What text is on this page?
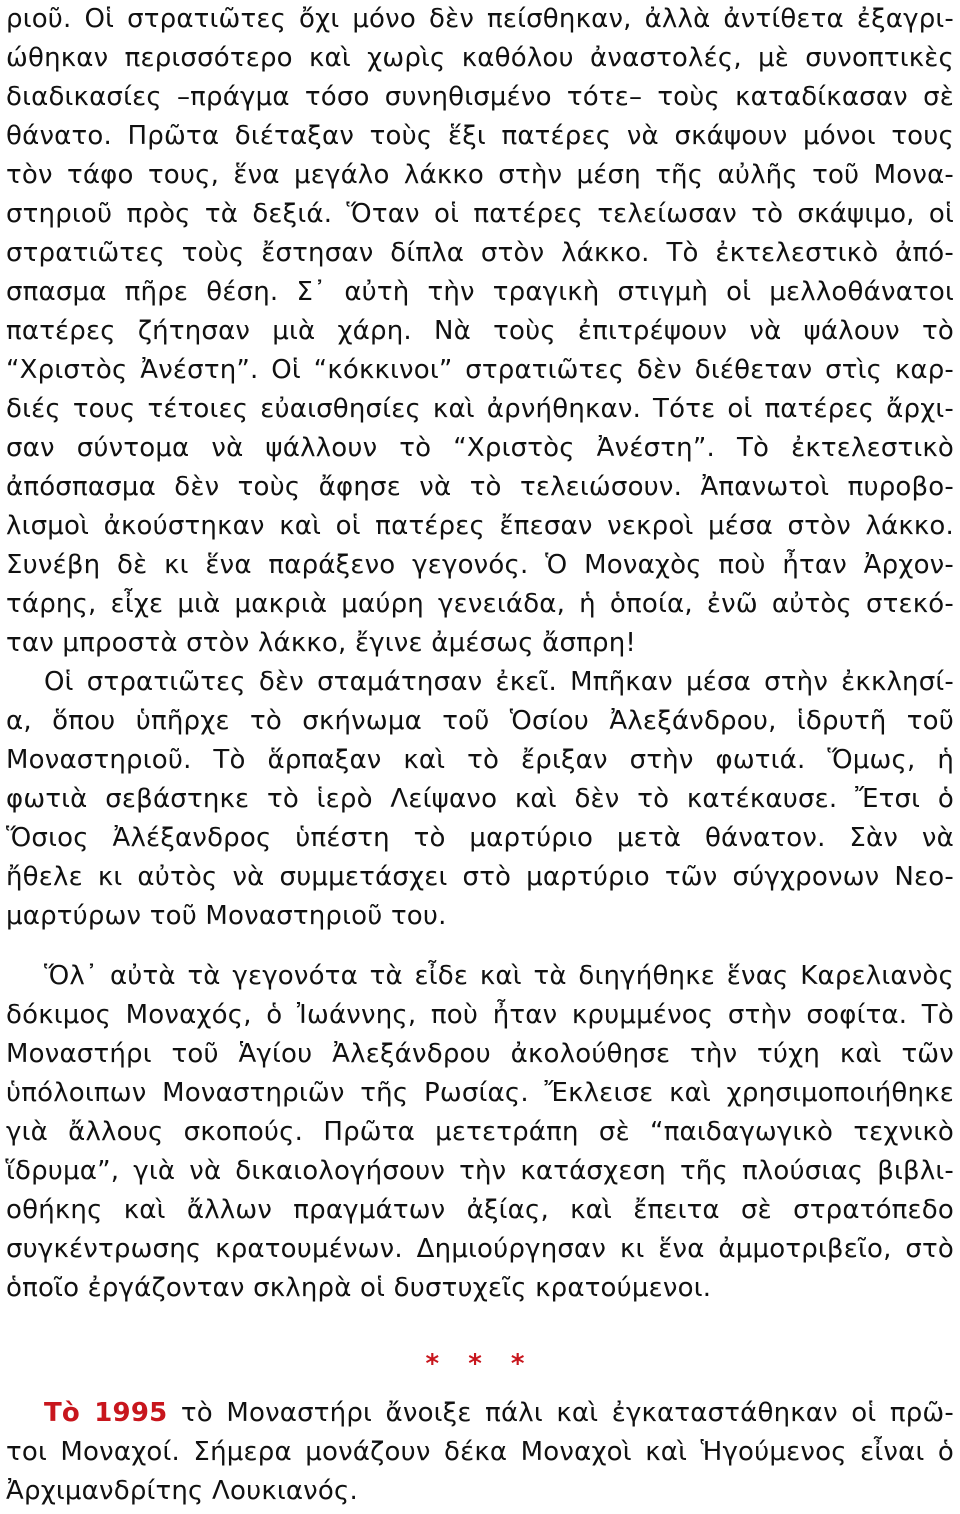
ριοῦ. Οἱ στρατιῶτες ὄχι μόνο δὲν πείσθηκαν, ἀλλὰ ἀντίθετα ἐξαγρι-
ώθηκαν περισσότερο καὶ χωρὶς καθόλου ἀναστολές, μὲ συνοπτικὲς
διαδικασίες –πράγμα τόσο συνηθισμένο τότε– τοὺς καταδίκασαν σὲ
θάνατο. Πρῶτα διέταξαν τοὺς ἕξι πατέρες νὰ σκάψουν μόνοι τους
τὸν τάφο τους, ἕνα μεγάλο λάκκο στὴν μέση τῆς αὐλῆς τοῦ Μονα-
στηριοῦ πρὸς τὰ δεξιά. Ὅταν οἱ πατέρες τελείωσαν τὸ σκάψιμο, οἱ
στρατιῶτες τοὺς ἔστησαν δίπλα στὸν λάκκο. Τὸ ἐκτελεστικὸ ἀπό-
σπασμα πῆρε θέση. Σ᾽ αὐτὴ τὴν τραγικὴ στιγμὴ οἱ μελλοθάνατοι
πατέρες ζήτησαν μιὰ χάρη. Νὰ τοὺς ἐπιτρέψουν νὰ ψάλουν τὸ
“Χριστὸς Ἀνέστη”. Οἱ “κόκκινοι” στρατιῶτες δὲν διέθεταν στὶς καρ-
διές τους τέτοιες εὐαισθησίες καὶ ἀρνήθηκαν. Τότε οἱ πατέρες ἄρχι-
σαν σύντομα νὰ ψάλλουν τὸ “Χριστὸς Ἀνέστη”. Τὸ ἐκτελεστικὸ
ἀπόσπασμα δὲν τοὺς ἄφησε νὰ τὸ τελειώσουν. Ἀπανωτοὶ πυροβο-
λισμοὶ ἀκούστηκαν καὶ οἱ πατέρες ἔπεσαν νεκροὶ μέσα στὸν λάκκο.
Συνέβη δὲ κι ἕνα παράξενο γεγονός. Ὁ Μοναχὸς ποὺ ἦταν Ἀρχον-
τάρης, εἶχε μιὰ μακριὰ μαύρη γενειάδα, ἡ ὁποία, ἐνῶ αὐτὸς στεκό-
ταν μπροστὰ στὸν λάκκο, ἔγινε ἀμέσως ἄσπρη!
Οἱ στρατιῶτες δὲν σταμάτησαν ἐκεῖ. Μπῆκαν μέσα στὴν ἐκκλησί-
α, ὅπου ὑπῆρχε τὸ σκήνωμα τοῦ Ὁσίου Ἀλεξάνδρου, ἱδρυτῆ τοῦ
Μοναστηριοῦ. Τὸ ἅρπαξαν καὶ τὸ ἔριξαν στὴν φωτιά. Ὅμως, ἡ
φωτιὰ σεβάστηκε τὸ ἱερὸ Λείψανο καὶ δὲν τὸ κατέκαυσε. Ἔτσι ὁ
Ὅσιος Ἀλέξανδρος ὑπέστη τὸ μαρτύριο μετὰ θάνατον. Σὰν νὰ
ἤθελε κι αὐτὸς νὰ συμμετάσχει στὸ μαρτύριο τῶν σύγχρονων Νεο-
μαρτύρων τοῦ Μοναστηριοῦ του.
Ὅλ᾽ αὐτὰ τὰ γεγονότα τὰ εἶδε καὶ τὰ διηγήθηκε ἕνας Καρελιανὸς
δόκιμος Μοναχός, ὁ Ἰωάννης, ποὺ ἦταν κρυμμένος στὴν σοφίτα. Τὸ
Μοναστήρι τοῦ Ἁγίου Ἀλεξάνδρου ἀκολούθησε τὴν τύχη καὶ τῶν
ὑπόλοιπων Μοναστηριῶν τῆς Ρωσίας. Ἔκλεισε καὶ χρησιμοποιήθηκε
γιὰ ἄλλους σκοπούς. Πρῶτα μετετράπη σὲ “παιδαγωγικὸ τεχνικὸ
ἵδρυμα”, γιὰ νὰ δικαιολογήσουν τὴν κατάσχεση τῆς πλούσιας βιβλι-
οθήκης καὶ ἄλλων πραγμάτων ἀξίας, καὶ ἔπειτα σὲ στρατόπεδο
συγκέντρωσης κρατουμένων. Δημιούργησαν κι ἕνα ἀμμοτριβεῖο, στὸ
ὁποῖο ἐργάζονταν σκληρὰ οἱ δυστυχεῖς κρατούμενοι.
* * *
Τὸ 1995 τὸ Μοναστήρι ἄνοιξε πάλι καὶ ἐγκαταστάθηκαν οἱ πρῶ-
τοι Μοναχοί. Σήμερα μονάζουν δέκα Μοναχοὶ καὶ Ἡγούμενος εἶναι ὁ
Ἀρχιμανδρίτης Λουκιανός.
